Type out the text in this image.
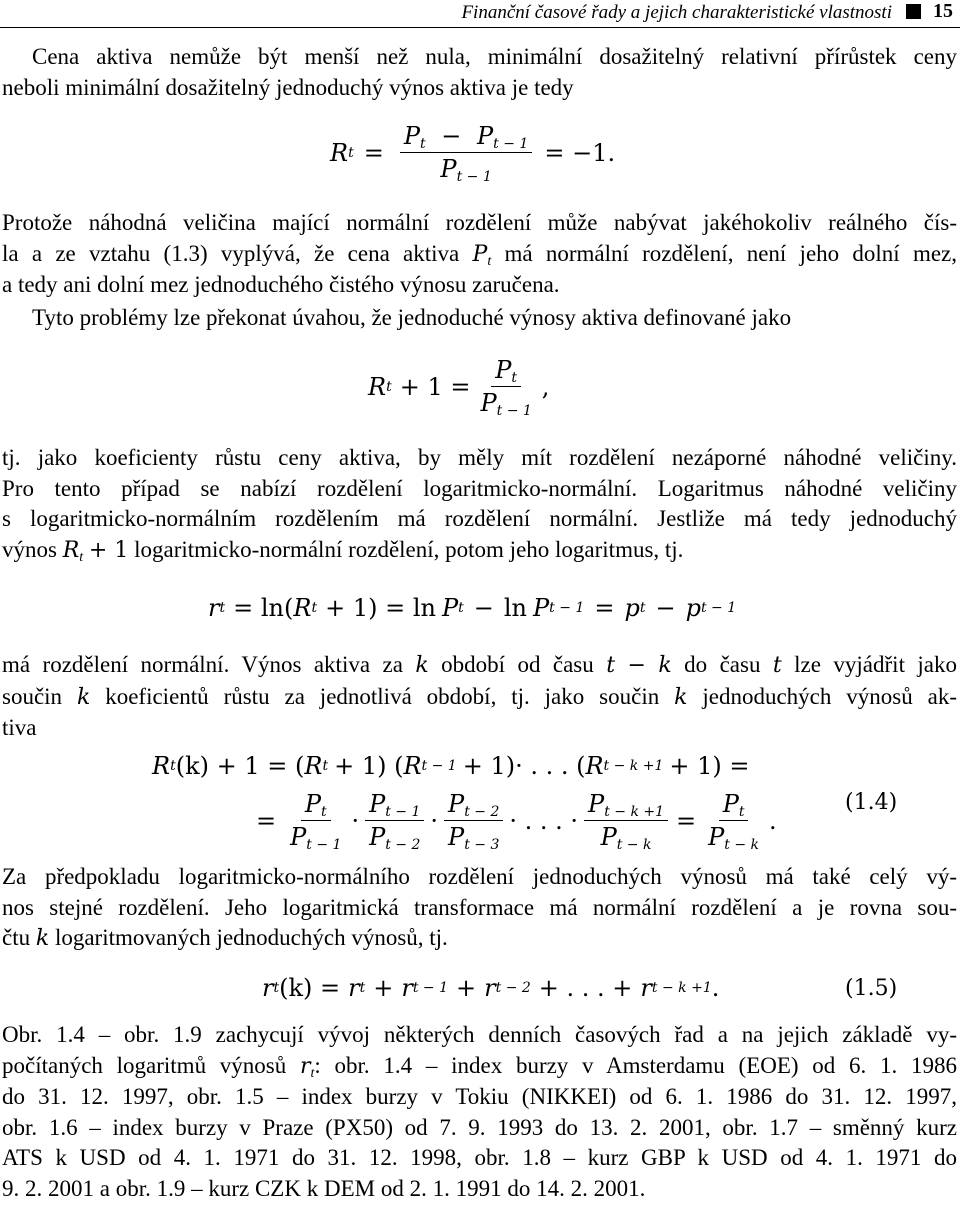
Finanční časové řady a jejich charakteristické vlastnosti 15
Cena aktiva nemůže být menší než nula, minimální dosažitelný relativní přírůstek ceny
neboli minimální dosažitelný jednoduchý výnos aktiva je tedy
R $t = \frac{P_t - P_{t - 1}}{P_{t - 1}} = -1$.
Protože náhodná veličina mající normální rozdělení může nabývat jakéhokoliv reálného čís-
la a ze vztahu (1.3) vyplývá, že cena aktiva $P_t$ má normální rozdělení, není jeho dolní mez,
a tedy ani dolní mez jednoduchého čistého výnosu zaručena.
Tyto problémy lze překonat úvahou, že jednoduché výnosy aktiva definované jako
R $t + 1 = \frac{P_t}{P_{t - 1}}$ ,
tj. jako koeficienty růstu ceny aktiva, by měly mít rozdělení nezáporné náhodné veličiny.
Pro tento případ se nabízí rozdělení logaritmicko-normální. Logaritmus náhodné veličiny
s logaritmicko-normálním rozdělením má rozdělení normální. Jestliže má tedy jednoduchý
výnos $R_t + 1$ logaritmicko-normální rozdělení, potom jeho logaritmus, tj.
r t = ln( R t + 1) = ln P t − ln P t − 1 = p t − p t − 1
má rozdělení normální. Výnos aktiva za k období od času t − k do času t lze vyjádřit jako
součin k koeficientů růstu za jednotlivá období, tj. jako součin k jednoduchých výnosů ak-
tiva
R t (k) + 1 = ( R t + 1) ( R t − 1 + 1)· . . . ( R t − k +1 + 1) =
= $\frac{P_t}{P_{t - 1}} \cdot \frac{P_{t - 1}}{P_{t - 2}} \cdot \frac{P_{t - 2}}{P_{t - 3}}$ · . . . · $\frac{P_{t - k +1}}{P_{t - k}} = \frac{P_t}{P_{t - k}}$ .
(1.4)
Za předpokladu logaritmicko-normálního rozdělení jednoduchých výnosů má také celý vý-
nos stejné rozdělení. Jeho logaritmická transformace má normální rozdělení a je rovna sou-
čtu k logaritmovaných jednoduchých výnosů, tj.
r t (k) = r t + r t − 1 + r t − 2 + . . . + r t − k +1 .	(1.5)
Obr. 1.4 – obr. 1.9 zachycují vývoj některých denních časových řad a na jejich základě vy-
počítaných logaritmů výnosů $r_t$: obr. 1.4 – index burzy v Amsterdamu (EOE) od 6. 1. 1986
do 31. 12. 1997, obr. 1.5 – index burzy v Tokiu (NIKKEI) od 6. 1. 1986 do 31. 12. 1997,
obr. 1.6 – index burzy v Praze (PX50) od 7. 9. 1993 do 13. 2. 2001, obr. 1.7 – směnný kurz
ATS k USD od 4. 1. 1971 do 31. 12. 1998, obr. 1.8 – kurz GBP k USD od 4. 1. 1971 do
9. 2. 2001 a obr. 1.9 – kurz CZK k DEM od 2. 1. 1991 do 14. 2. 2001.
